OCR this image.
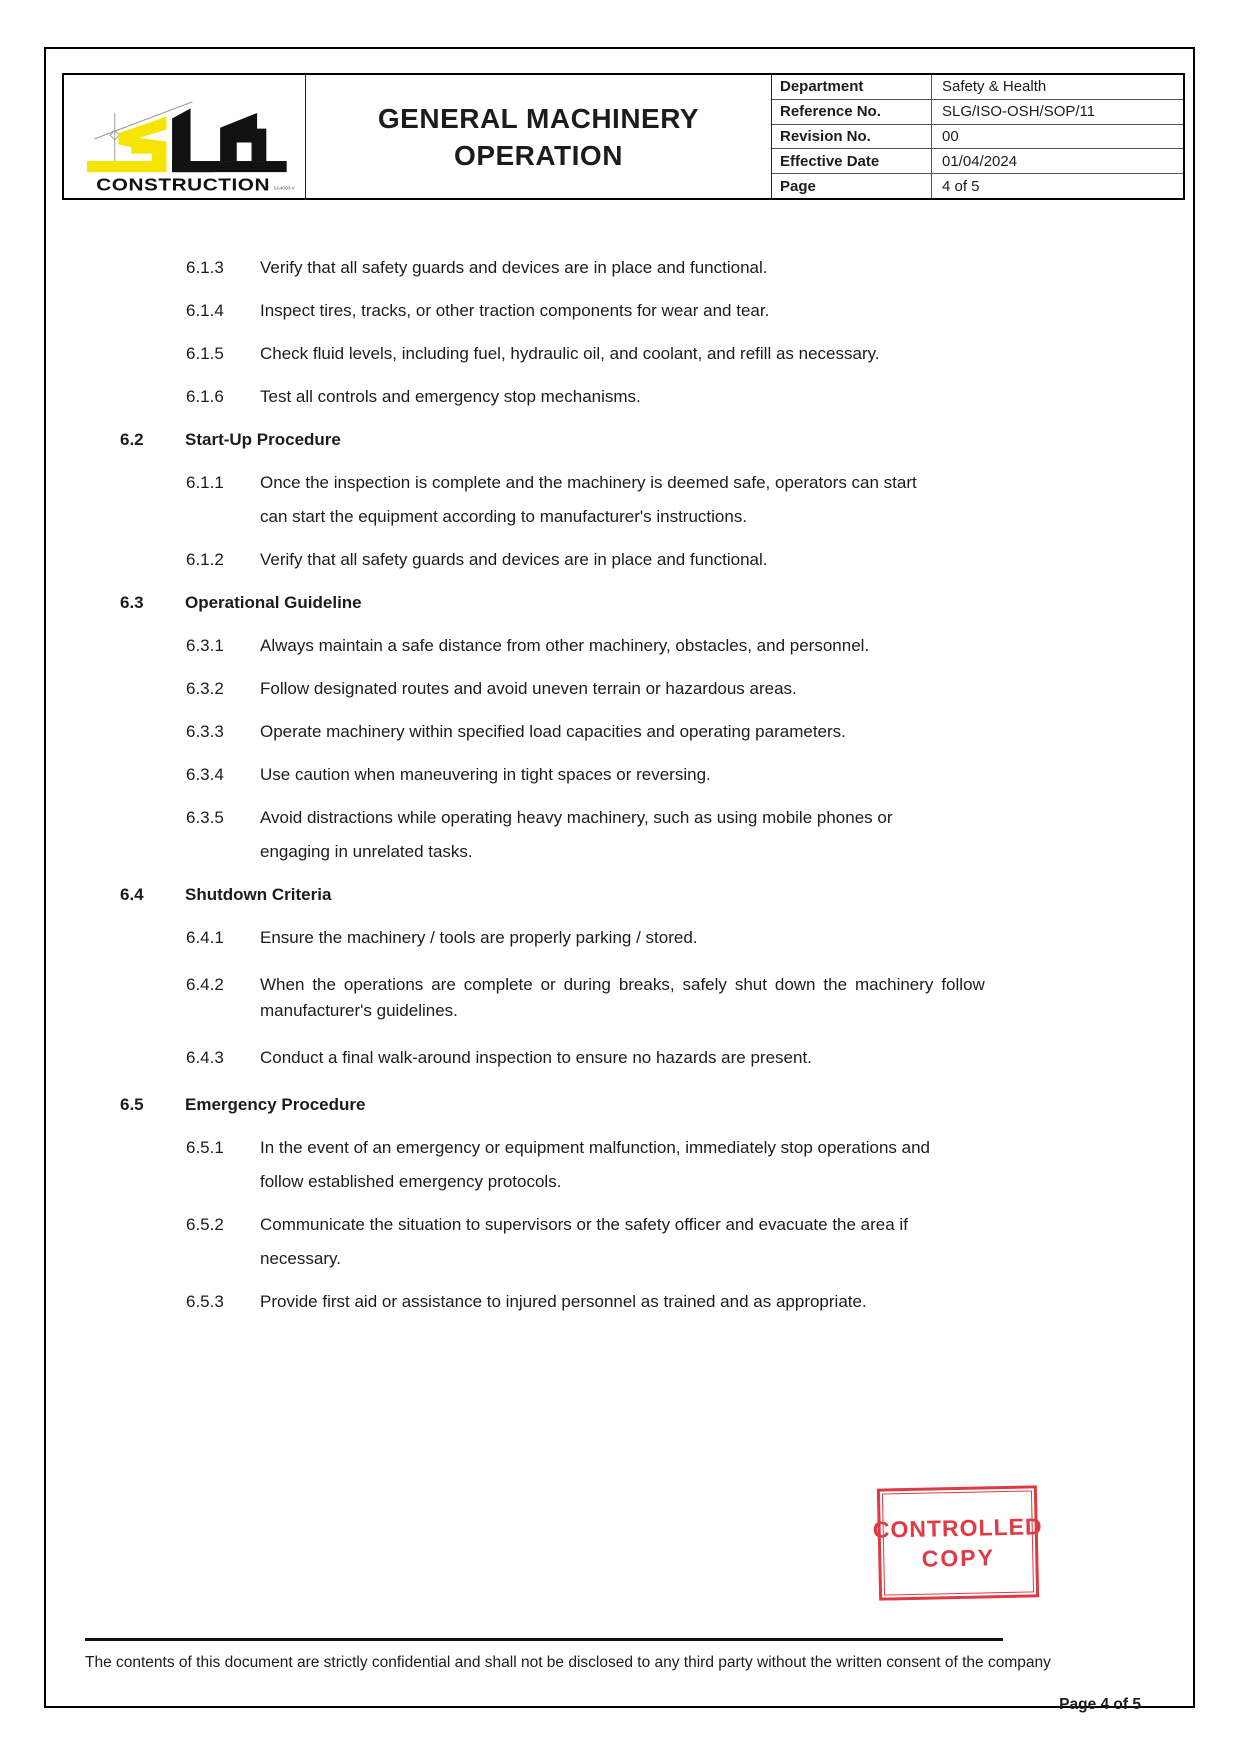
CONSTRUCTION SA4060-V
GENERAL MACHINERY OPERATION
Department	Safety & Health
Reference No.	SLG/ISO-OSH/SOP/11
Revision No.	00
Effective Date	01/04/2024
Page	4 of 5
6.1.3	Verify that all safety guards and devices are in place and functional.
6.1.4	Inspect tires, tracks, or other traction components for wear and tear.
6.1.5	Check fluid levels, including fuel, hydraulic oil, and coolant, and refill as necessary.
6.1.6	Test all controls and emergency stop mechanisms.
6.2	Start-Up Procedure
6.1.1	Once the inspection is complete and the machinery is deemed safe, operators can start
can start the equipment according to manufacturer's instructions.
6.1.2	Verify that all safety guards and devices are in place and functional.
6.3	Operational Guideline
6.3.1	Always maintain a safe distance from other machinery, obstacles, and personnel.
6.3.2	Follow designated routes and avoid uneven terrain or hazardous areas.
6.3.3	Operate machinery within specified load capacities and operating parameters.
6.3.4	Use caution when maneuvering in tight spaces or reversing.
6.3.5	Avoid distractions while operating heavy machinery, such as using mobile phones or
engaging in unrelated tasks.
6.4	Shutdown Criteria
6.4.1	Ensure the machinery / tools are properly parking / stored.
6.4.2	When the operations are complete or during breaks, safely shut down the machinery follow
manufacturer's guidelines.
6.4.3	Conduct a final walk-around inspection to ensure no hazards are present.
6.5	Emergency Procedure
6.5.1	In the event of an emergency or equipment malfunction, immediately stop operations and
follow established emergency protocols.
6.5.2	Communicate the situation to supervisors or the safety officer and evacuate the area if
necessary.
6.5.3	Provide first aid or assistance to injured personnel as trained and as appropriate.
CONTROLLED
COPY
The contents of this document are strictly confidential and shall not be disclosed to any third party without the written consent of the company
Page 4 of 5
